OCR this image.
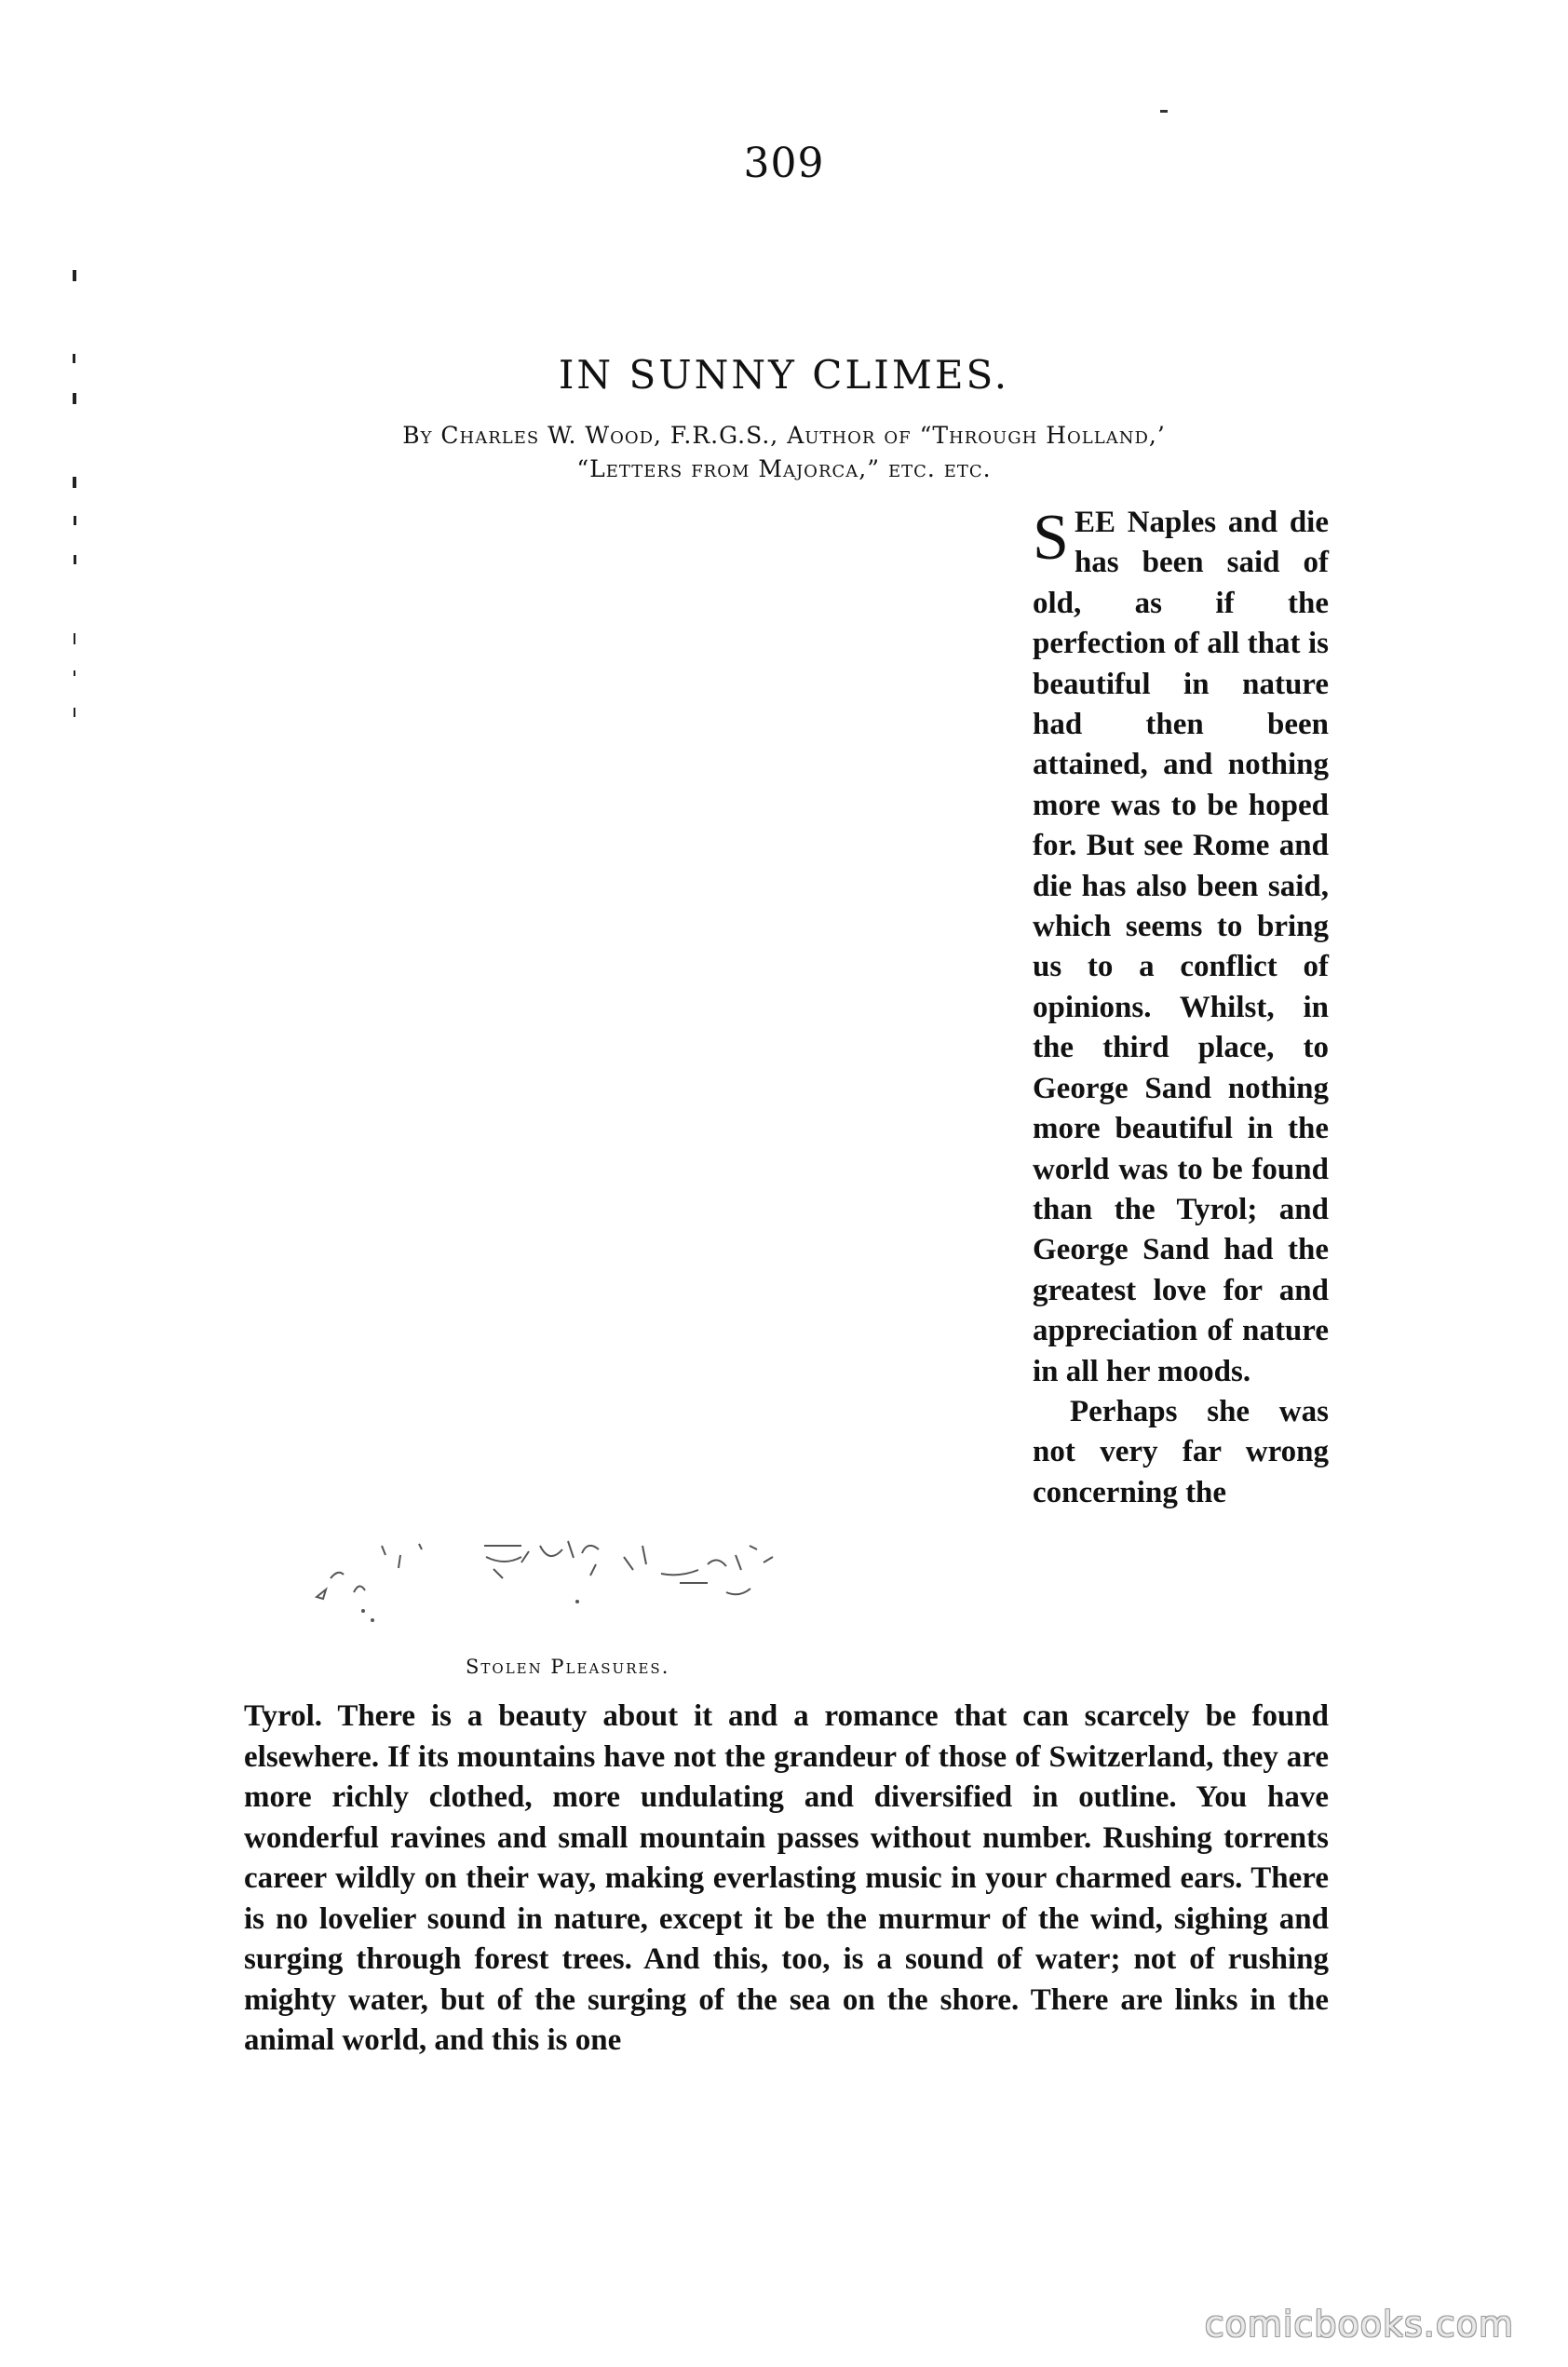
309
IN SUNNY CLIMES.
By Charles W. Wood, F.R.G.S., Author of “Through Holland,’
“Letters from Majorca,” etc. etc.
Stolen Pleasures.

S EE Naples and die has been said of old, as if the perfection of all that is beautiful in nature had then been attained, and nothing more was to be hoped for. But see Rome and die has also been said, which seems to bring us to a conflict of opinions. Whilst, in the third place, to George Sand nothing more beautiful in the world was to be found than the Tyrol; and George Sand had the greatest love for and appreciation of nature in all her moods.

Perhaps she was not very far wrong concerning the

Tyrol. There is a beauty about it and a romance that can scarcely be found elsewhere. If its mountains have not the grandeur of those of Switzerland, they are more richly clothed, more undulating and diversified in outline. You have wonderful ravines and small mountain passes without number. Rushing torrents career wildly on their way, making everlasting music in your charmed ears. There is no lovelier sound in nature, except it be the murmur of the wind, sighing and surging through forest trees. And this, too, is a sound of water; not of rushing mighty water, but of the surging of the sea on the shore. There are links in the animal world, and this is one
comicbooks.com
